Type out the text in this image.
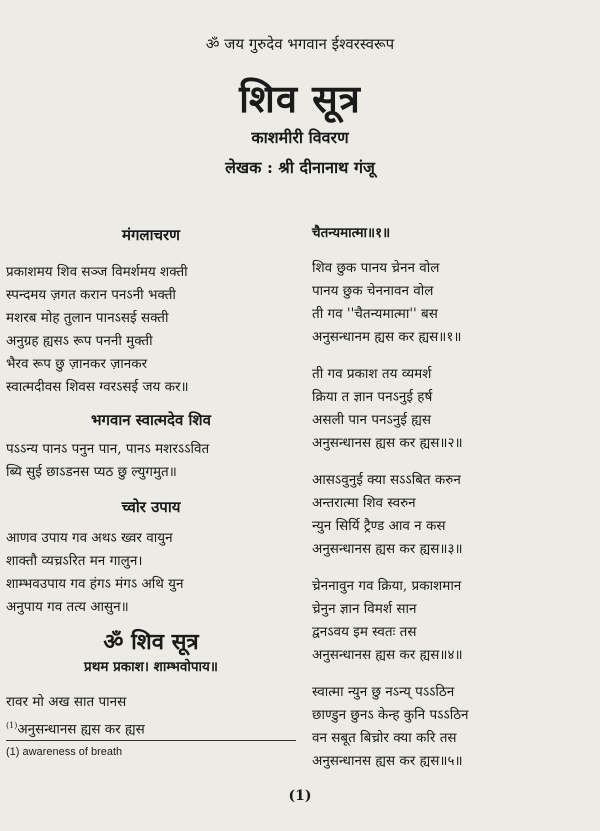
ॐ जय गुरुदेव भगवान ईश्वरस्वरूप
शिव सूत्र
काशमीरी विवरण
लेखक : श्री दीनानाथ गंजू

मंगलाचरण

प्रकाशमय शिव सञ्ज विमर्शमय शक्ती

स्पन्दमय ज़गत करान पनऽनी भक्ती

मशरब मोह तुलान पानऽसई सक्ती

अनुग्रह ह्यसऽ रूप पननी मुक्ती

भैरव रूप छु ज़ानकर ज़ानकर

स्वात्मदीवस शिवस ग्वरऽसई जय कर॥

भगवान स्वात्मदेव शिव

पऽऽन्य पानऽ पनुन पान, पानऽ मशरऽऽवित

ब्यि सुई छाऽडनस प्यठ छु ल्युगमुत॥

च्वोर उपाय

आणव उपाय गव अथऽ ख्वर वायुन

शाक्तौ व्यच्रऽरित मन गालुन।

शाम्भवउपाय गव हंगऽ मंगऽ अथि युन

अनुपाय गव तत्य आसुन॥

ॐ शिव सूत्र

प्रथम प्रकाश। शाम्भवोपाय॥

रावर मो अख सात पानस

$^{(1)}$अनुसन्धानस ह्यस कर ह्यस

चैतन्यमात्मा॥१॥

शिव छुक पानय च्रेनन वोल

पानय छुक चेननावन वोल

ती गव ''चैतन्यमात्मा'' बस

अनुसन्धानम ह्यस कर ह्यस॥१॥

ती गव प्रकाश तय व्यमर्श

क्रिया त ज्ञान पनऽनुई हर्ष

असली पान पनऽनुई ह्यस

अनुसन्धानस ह्यस कर ह्यस॥२॥

आसऽवुनुई क्या सऽऽबित करुन

अन्तरात्मा शिव स्वरुन

न्युन सिर्यि ट्रैण्ड आव न कस

अनुसन्धानस ह्यस कर ह्यस॥३॥

च्रेननावुन गव क्रिया, प्रकाशमान

च्रेनुन ज्ञान विमर्श सान

द्वनऽवय इम स्वतः तस

अनुसन्धानस ह्यस कर ह्यस॥४॥

स्वात्मा न्युन छु नऽन्य् पऽऽठिन

छाण्डुन छुनऽ केन्ह कुनि पऽऽठिन

वन सबूत बिच्रोर क्या करि तस

अनुसन्धानस ह्यस कर ह्यस॥५॥

(1) awareness of breath
(1)
